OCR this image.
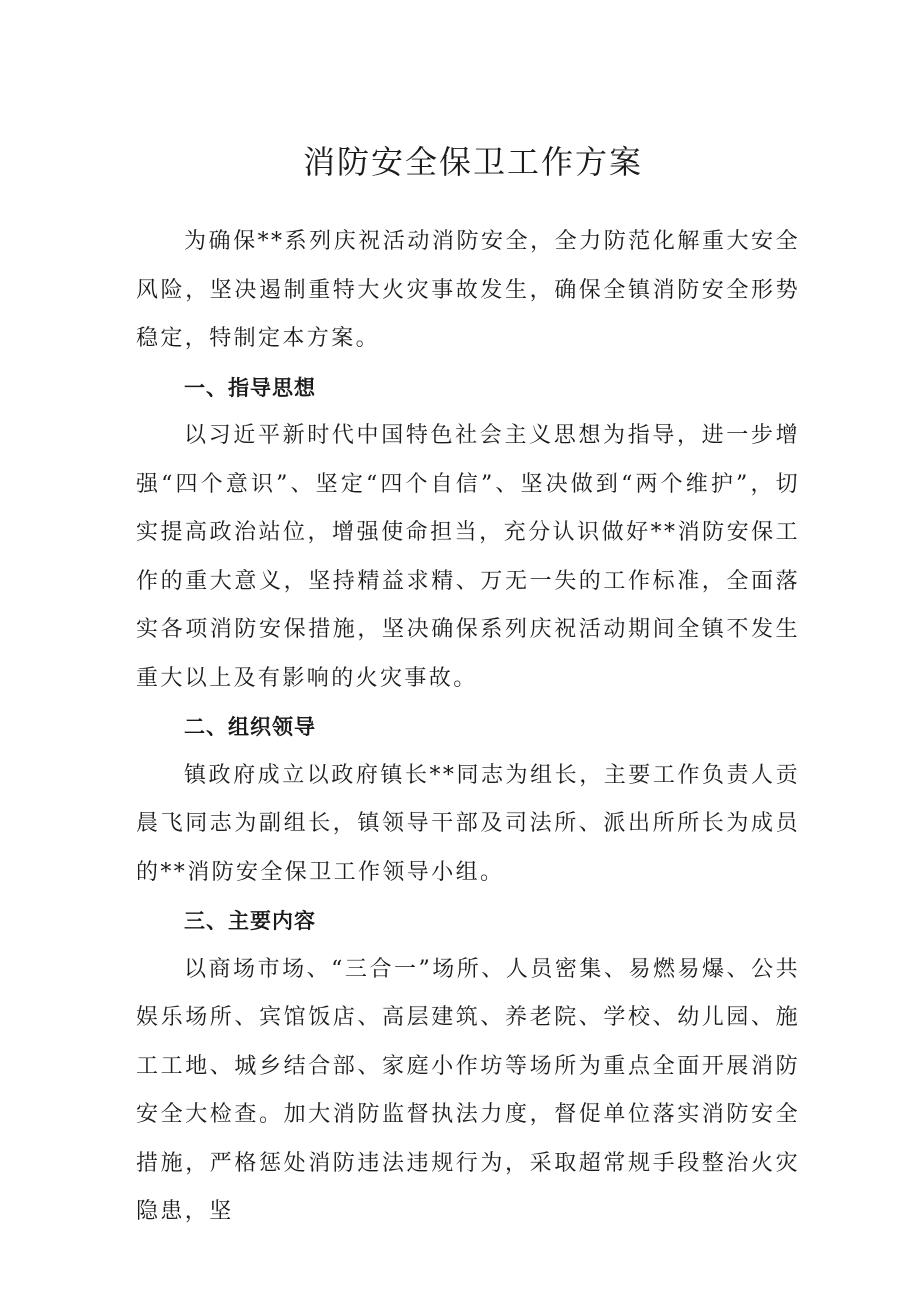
消防安全保卫工作方案

为确保**系列庆祝活动消防安全，全力防范化解重大安全风险，坚决遏制重特大火灾事故发生，确保全镇消防安全形势稳定，特制定本方案。

一、指导思想

以习近平新时代中国特色社会主义思想为指导，进一步增强“四个意识”、坚定“四个自信”、坚决做到“两个维护”，切实提高政治站位，增强使命担当，充分认识做好**消防安保工作的重大意义，坚持精益求精、万无一失的工作标准，全面落实各项消防安保措施，坚决确保系列庆祝活动期间全镇不发生重大以上及有影响的火灾事故。

二、组织领导

镇政府成立以政府镇长**同志为组长，主要工作负责人贡晨飞同志为副组长，镇领导干部及司法所、派出所所长为成员的**消防安全保卫工作领导小组。

三、主要内容

以商场市场、“三合一”场所、人员密集、易燃易爆、公共娱乐场所、宾馆饭店、高层建筑、养老院、学校、幼儿园、施工工地、城乡结合部、家庭小作坊等场所为重点全面开展消防安全大检查。加大消防监督执法力度，督促单位落实消防安全措施，严格惩处消防违法违规行为，采取超常规手段整治火灾隐患，坚
